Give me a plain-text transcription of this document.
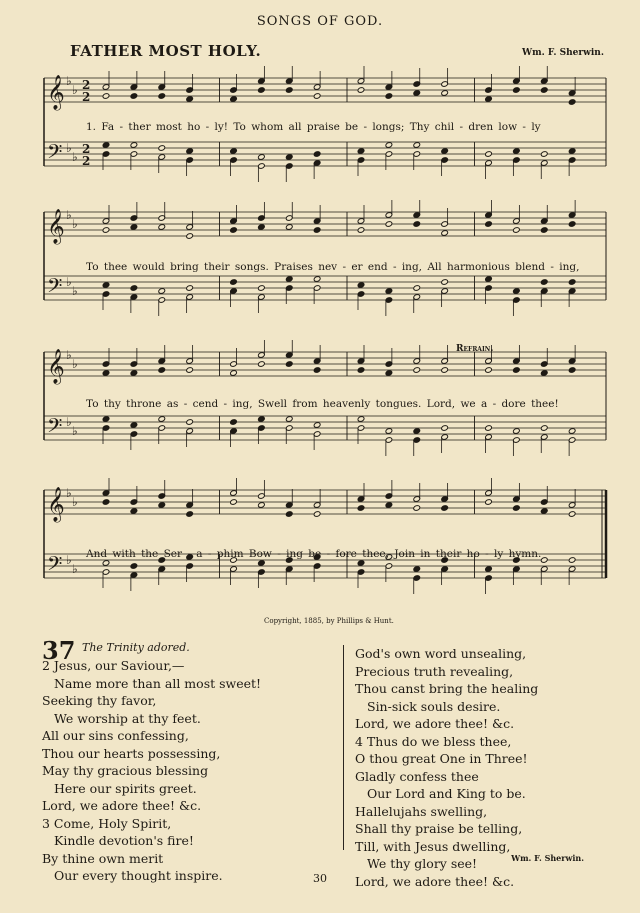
SONGS OF GOD.
FATHER MOST HOLY.	Wm. F. Sherwin.
Refrain.
𝄞
𝄢
♭
♭
♭
♭
2
2
2
2
1. Fa - ther most ho - ly! To whom all praise be - longs; Thy chil - dren low - ly
𝄞
𝄢
♭
♭
♭
♭
To thee would bring their songs. Praises nev - er end - ing, All harmonious blend - ing,
𝄞
𝄢
♭
♭
♭
♭
To thy throne as - cend - ing, Swell from heavenly tongues. Lord, we a - dore thee!
𝄞
𝄢
♭
♭
♭
♭
And with the Ser - a - phim Bow - ing be - fore thee, Join in their ho - ly hymn.
Copyright, 1885, by Phillips & Hunt.
37 The Trinity adored.
2 Jesus, our Saviour,—
Name more than all most sweet!
Seeking thy favor,
We worship at thy feet.
All our sins confessing,
Thou our hearts possessing,
May thy gracious blessing
Here our spirits greet.
Lord, we adore thee! &c.
3 Come, Holy Spirit,
Kindle devotion's fire!
By thine own merit
Our every thought inspire.
God's own word unsealing,
Precious truth revealing,
Thou canst bring the healing
Sin-sick souls desire.
Lord, we adore thee! &c.
4 Thus do we bless thee,
O thou great One in Three!
Gladly confess thee
Our Lord and King to be.
Hallelujahs swelling,
Shall thy praise be telling,
Till, with Jesus dwelling,
We thy glory see!
Lord, we adore thee! &c.
Wm. F. Sherwin.
30
